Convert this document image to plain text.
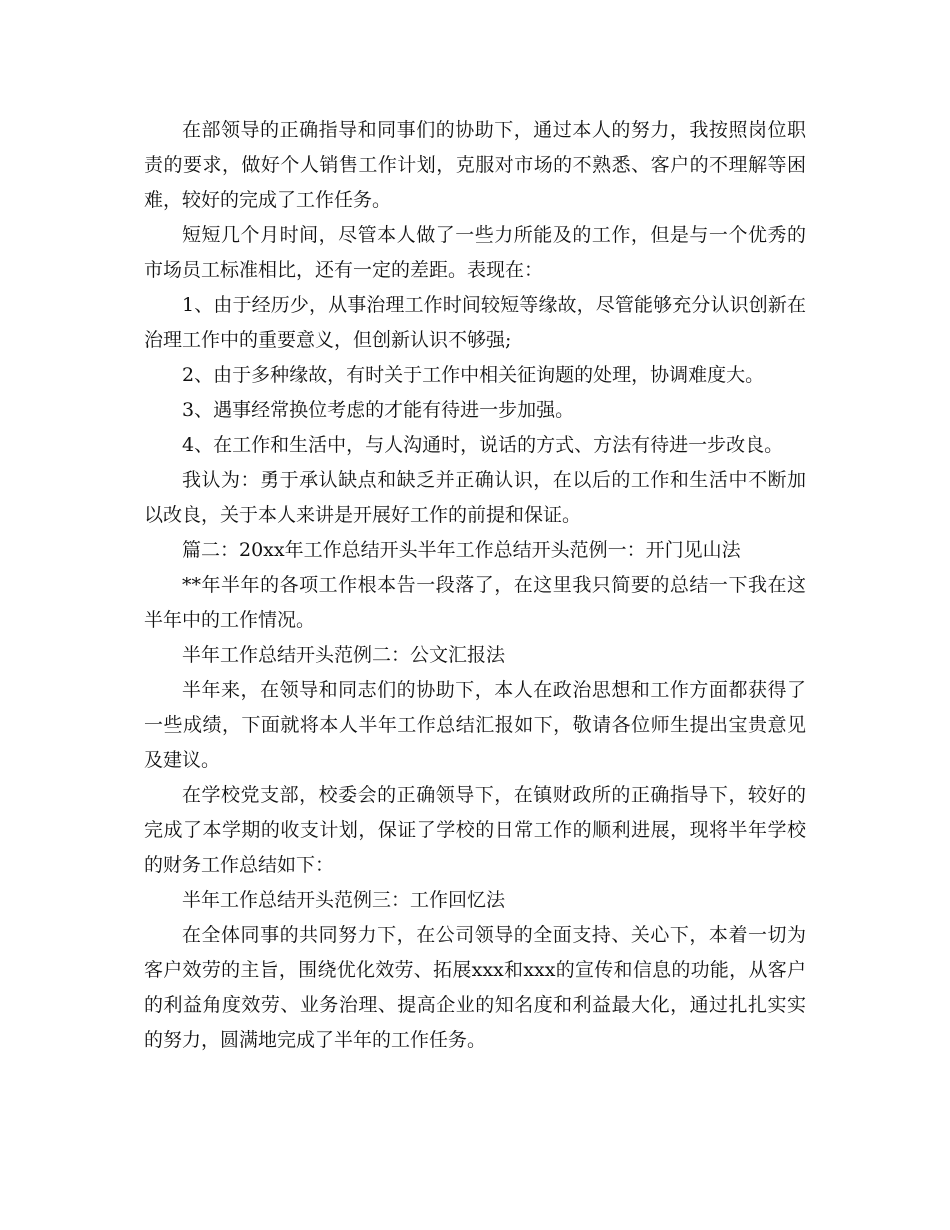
在部领导的正确指导和同事们的协助下，通过本人的努力，我按照岗位职责的要求，做好个人销售工作计划，克服对市场的不熟悉、客户的不理解等困难，较好的完成了工作任务。

短短几个月时间，尽管本人做了一些力所能及的工作，但是与一个优秀的市场员工标准相比，还有一定的差距。表现在：

1、由于经历少，从事治理工作时间较短等缘故，尽管能够充分认识创新在治理工作中的重要意义，但创新认识不够强;

2、由于多种缘故，有时关于工作中相关征询题的处理，协调难度大。

3、遇事经常换位考虑的才能有待进一步加强。

4、在工作和生活中，与人沟通时，说话的方式、方法有待进一步改良。

我认为：勇于承认缺点和缺乏并正确认识，在以后的工作和生活中不断加以改良，关于本人来讲是开展好工作的前提和保证。

篇二：20xx年工作总结开头半年工作总结开头范例一：开门见山法

**年半年的各项工作根本告一段落了，在这里我只简要的总结一下我在这半年中的工作情况。

半年工作总结开头范例二：公文汇报法

半年来，在领导和同志们的协助下，本人在政治思想和工作方面都获得了一些成绩，下面就将本人半年工作总结汇报如下，敬请各位师生提出宝贵意见及建议。

在学校党支部，校委会的正确领导下，在镇财政所的正确指导下，较好的完成了本学期的收支计划，保证了学校的日常工作的顺利进展，现将半年学校的财务工作总结如下：

半年工作总结开头范例三：工作回忆法

在全体同事的共同努力下，在公司领导的全面支持、关心下，本着一切为客户效劳的主旨，围绕优化效劳、拓展xxx和xxx的宣传和信息的功能，从客户的利益角度效劳、业务治理、提高企业的知名度和利益最大化，通过扎扎实实的努力，圆满地完成了半年的工作任务。
